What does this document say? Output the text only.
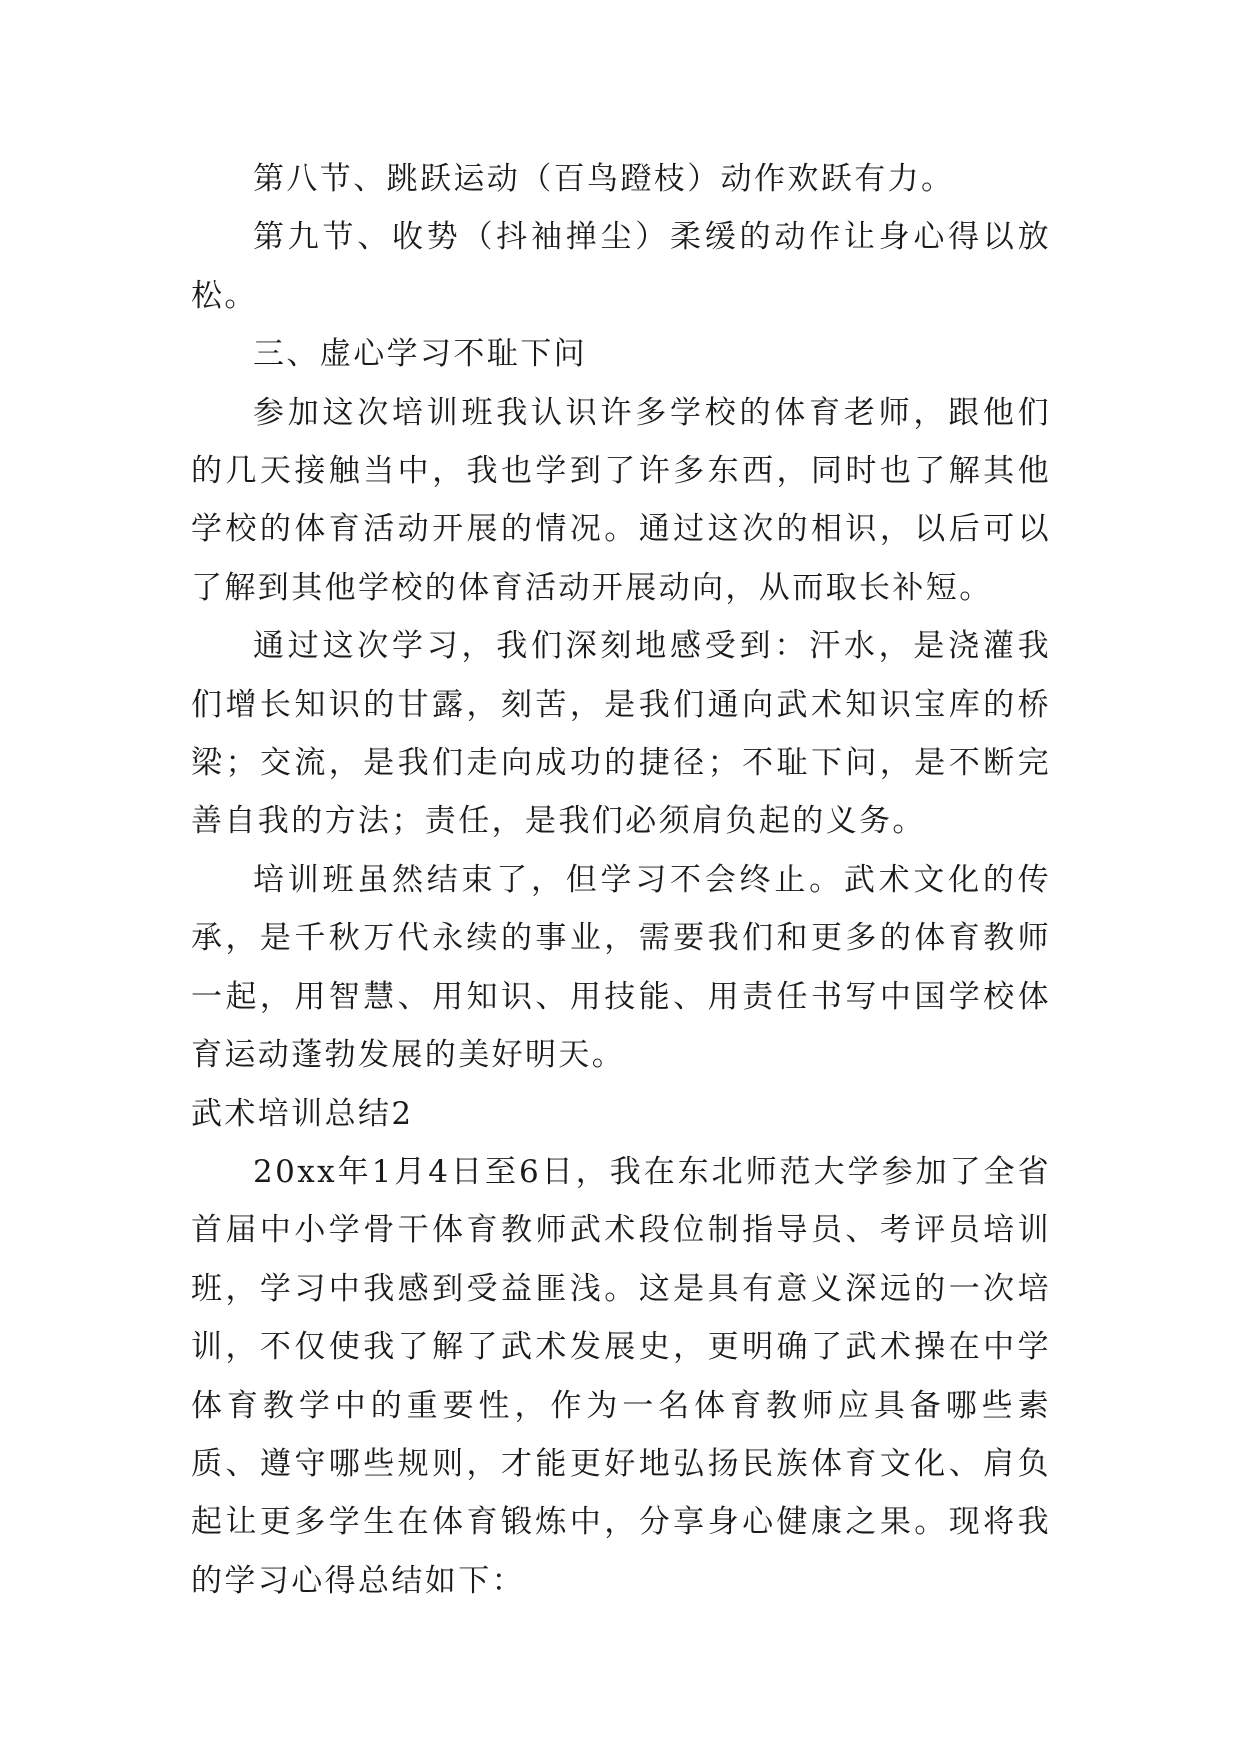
第八节、跳跃运动（百鸟蹬枝）动作欢跃有力。

第九节、收势（抖袖掸尘）柔缓的动作让身心得以放松。

三、虚心学习不耻下问

参加这次培训班我认识许多学校的体育老师，跟他们的几天接触当中，我也学到了许多东西，同时也了解其他学校的体育活动开展的情况。通过这次的相识，以后可以了解到其他学校的体育活动开展动向，从而取长补短。

通过这次学习，我们深刻地感受到：汗水，是浇灌我们增长知识的甘露，刻苦，是我们通向武术知识宝库的桥梁；交流，是我们走向成功的捷径；不耻下问，是不断完善自我的方法；责任，是我们必须肩负起的义务。

培训班虽然结束了，但学习不会终止。武术文化的传承，是千秋万代永续的事业，需要我们和更多的体育教师一起，用智慧、用知识、用技能、用责任书写中国学校体育运动蓬勃发展的美好明天。

武术培训总结2

20xx年1月4日至6日，我在东北师范大学参加了全省首届中小学骨干体育教师武术段位制指导员、考评员培训班，学习中我感到受益匪浅。这是具有意义深远的一次培训，不仅使我了解了武术发展史，更明确了武术操在中学体育教学中的重要性，作为一名体育教师应具备哪些素质、遵守哪些规则，才能更好地弘扬民族体育文化、肩负起让更多学生在体育锻炼中，分享身心健康之果。现将我的学习心得总结如下：
